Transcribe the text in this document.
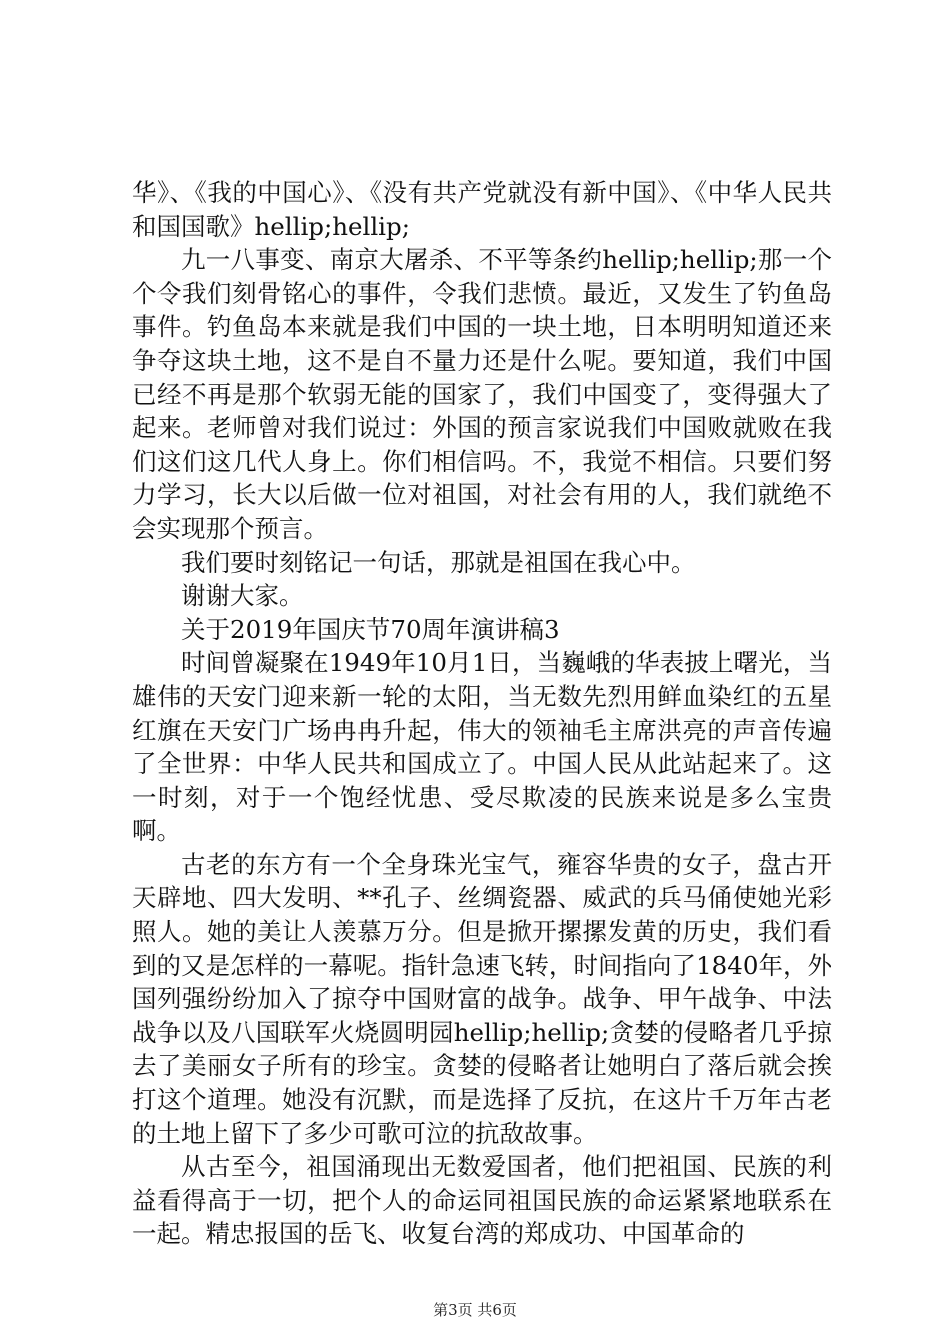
华》、《我的中国心》、《没有共产党就没有新中国》、《中华人民共和国国歌》hellip;hellip;

九一八事变、南京大屠杀、不平等条约hellip;hellip;那一个个令我们刻骨铭心的事件，令我们悲愤。最近，又发生了钓鱼岛事件。钓鱼岛本来就是我们中国的一块土地，日本明明知道还来争夺这块土地，这不是自不量力还是什么呢。要知道，我们中国已经不再是那个软弱无能的国家了，我们中国变了，变得强大了起来。老师曾对我们说过：外国的预言家说我们中国败就败在我们这们这几代人身上。你们相信吗。不，我觉不相信。只要们努力学习，长大以后做一位对祖国，对社会有用的人，我们就绝不会实现那个预言。

我们要时刻铭记一句话，那就是祖国在我心中。

谢谢大家。

关于2019年国庆节70周年演讲稿3

时间曾凝聚在1949年10月1日，当巍峨的华表披上曙光，当雄伟的天安门迎来新一轮的太阳，当无数先烈用鲜血染红的五星红旗在天安门广场冉冉升起，伟大的领袖毛主席洪亮的声音传遍了全世界：中华人民共和国成立了。中国人民从此站起来了。这一时刻，对于一个饱经忧患、受尽欺凌的民族来说是多么宝贵啊。

古老的东方有一个全身珠光宝气，雍容华贵的女子，盘古开天辟地、四大发明、**孔子、丝绸瓷器、威武的兵马俑使她光彩照人。她的美让人羡慕万分。但是掀开摞摞发黄的历史，我们看到的又是怎样的一幕呢。指针急速飞转，时间指向了1840年，外国列强纷纷加入了掠夺中国财富的战争。战争、甲午战争、中法战争以及八国联军火烧圆明园hellip;hellip;贪婪的侵略者几乎掠去了美丽女子所有的珍宝。贪婪的侵略者让她明白了落后就会挨打这个道理。她没有沉默，而是选择了反抗，在这片千万年古老的土地上留下了多少可歌可泣的抗敌故事。

从古至今，祖国涌现出无数爱国者，他们把祖国、民族的利益看得高于一切，把个人的命运同祖国民族的命运紧紧地联系在一起。精忠报国的岳飞、收复台湾的郑成功、中国革命的

第3页 共6页
